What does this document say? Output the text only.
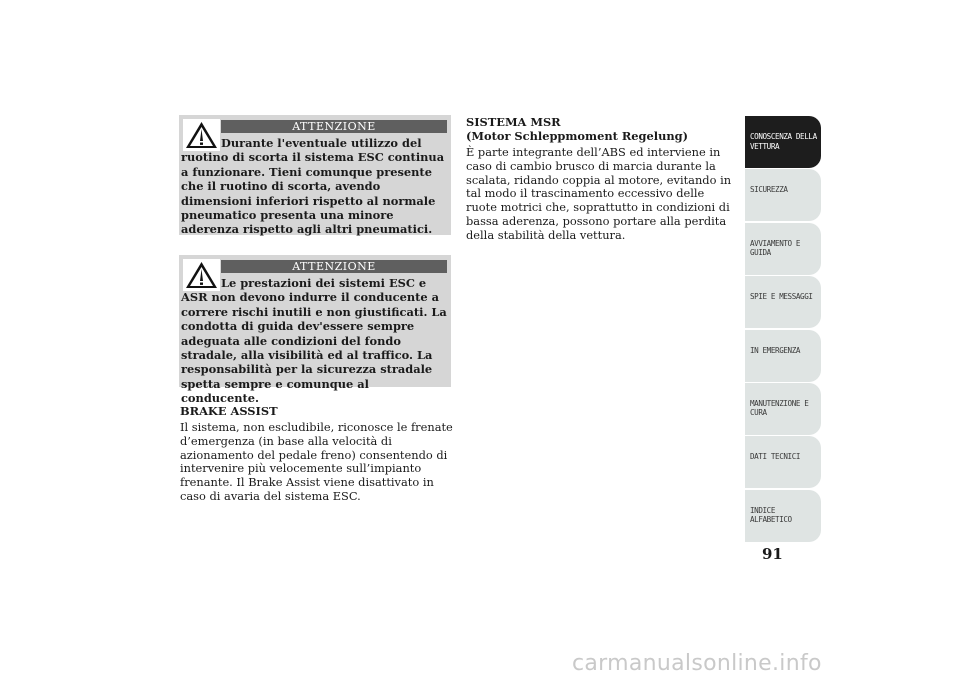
ATTENZIONE

Durante l'eventuale utilizzo del ruotino di scorta il sistema ESC continua a funzionare. Tieni comunque presente che il ruotino di scorta, avendo dimensioni inferiori rispetto al normale pneumatico presenta una minore aderenza rispetto agli altri pneumatici.

ATTENZIONE

Le prestazioni dei sistemi ESC e ASR non devono indurre il conducente a correre rischi inutili e non giustificati. La condotta di guida dev'essere sempre adeguata alle condizioni del fondo stradale, alla visibilità ed al traffico. La responsabilità per la sicurezza stradale spetta sempre e comunque al conducente.

BRAKE ASSIST

Il sistema, non escludibile, riconosce le frenate d’emergenza (in base alla velocità di azionamento del pedale freno) consentendo di intervenire più velocemente sull’impianto frenante. Il Brake Assist viene disattivato in caso di avaria del sistema ESC.

SISTEMA MSR
(Motor Schleppmoment Regelung)

È parte integrante dell’ABS ed interviene in caso di cambio brusco di marcia durante la scalata, ridando coppia al motore, evitando in tal modo il trascinamento eccessivo delle ruote motrici che, soprattutto in condizioni di bassa aderenza, possono portare alla perdita della stabilità della vettura.

CONOSCENZA DELLA VETTURA
SICUREZZA
AVVIAMENTO E GUIDA
SPIE E MESSAGGI
IN EMERGENZA
MANUTENZIONE E CURA
DATI TECNICI
INDICE ALFABETICO
91
carmanualsonline.info
